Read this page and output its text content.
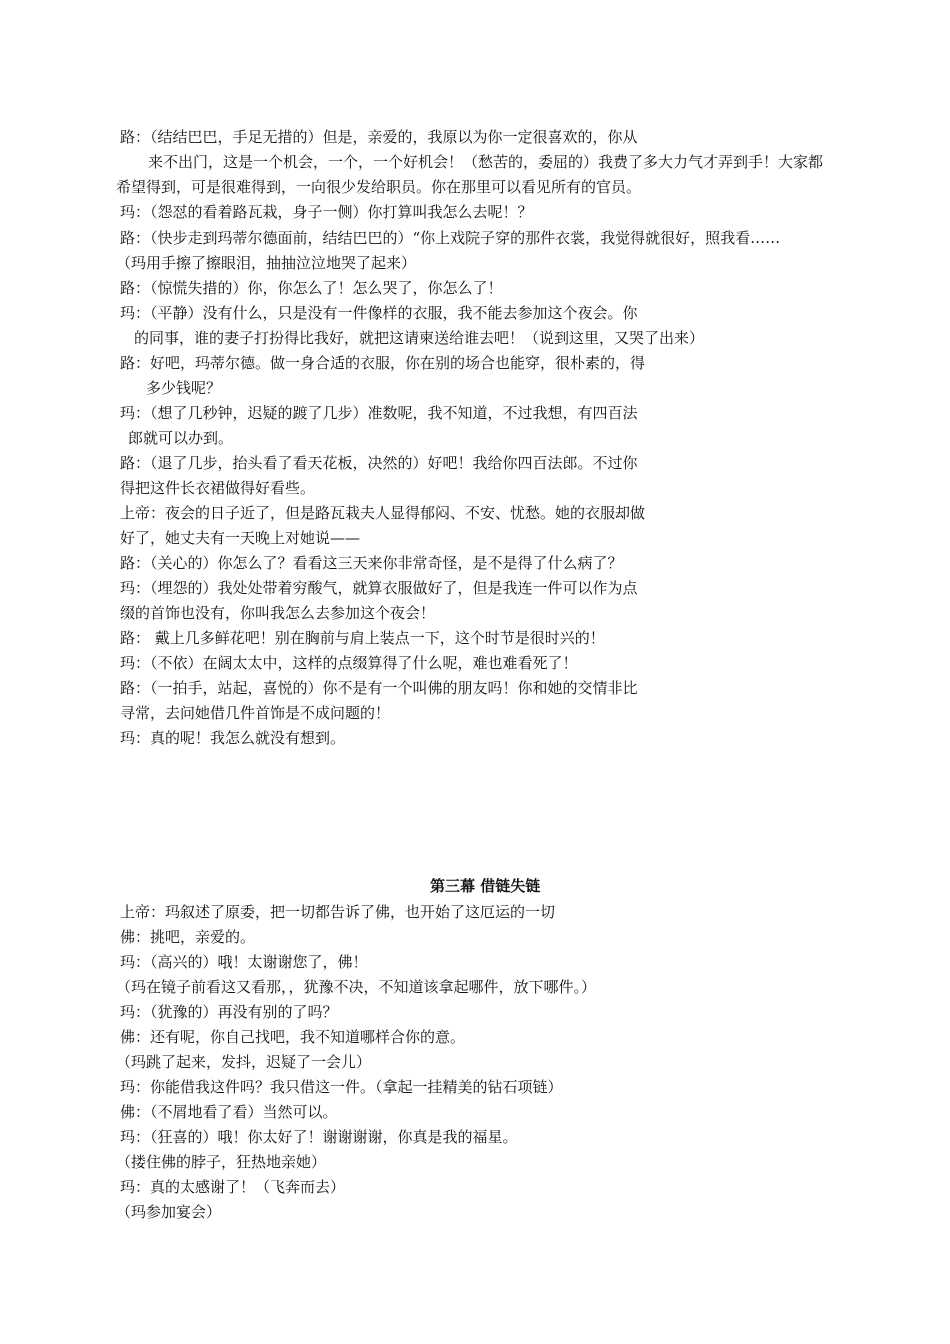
路：（结结巴巴，手足无措的）但是，亲爱的，我原以为你一定很喜欢的，你从
来不出门，这是一个机会，一个，一个好机会！（愁苦的，委屈的）我费了多大力气才弄到手！大家都
希望得到，可是很难得到，一向很少发给职员。你在那里可以看见所有的官员。
玛：（怨怼的看着路瓦栽，身子一侧）你打算叫我怎么去呢！？
路：（快步走到玛蒂尔德面前，结结巴巴的）“你上戏院子穿的那件衣裳，我觉得就很好，照我看……
（玛用手擦了擦眼泪，抽抽泣泣地哭了起来）
路：（惊慌失措的）你，你怎么了！怎么哭了，你怎么了！
玛：（平静）没有什么，只是没有一件像样的衣服，我不能去参加这个夜会。你
的同事，谁的妻子打扮得比我好，就把这请柬送给谁去吧！（说到这里，又哭了出来）
路：好吧，玛蒂尔德。做一身合适的衣服，你在别的场合也能穿，很朴素的，得
多少钱呢？
玛：（想了几秒钟，迟疑的踱了几步）准数呢，我不知道，不过我想，有四百法
郎就可以办到。
路：（退了几步，抬头看了看天花板，决然的）好吧！我给你四百法郎。不过你
得把这件长衣裙做得好看些。
上帝：夜会的日子近了，但是路瓦栽夫人显得郁闷、不安、忧愁。她的衣服却做
好了，她丈夫有一天晚上对她说——
路：（关心的）你怎么了？看看这三天来你非常奇怪，是不是得了什么病了？
玛：（埋怨的）我处处带着穷酸气，就算衣服做好了，但是我连一件可以作为点
缀的首饰也没有，你叫我怎么去参加这个夜会！
路： 戴上几多鲜花吧！别在胸前与肩上装点一下，这个时节是很时兴的！
玛：（不依）在阔太太中，这样的点缀算得了什么呢，难也难看死了！
路：（一拍手，站起，喜悦的）你不是有一个叫佛的朋友吗！你和她的交情非比
寻常，去问她借几件首饰是不成问题的！
玛：真的呢！我怎么就没有想到。
第三幕 借链失链
上帝：玛叙述了原委，把一切都告诉了佛，也开始了这厄运的一切
佛：挑吧，亲爱的。
玛：（高兴的）哦！太谢谢您了，佛！
（玛在镜子前看这又看那，，犹豫不决，不知道该拿起哪件，放下哪件。）
玛：（犹豫的）再没有别的了吗？
佛：还有呢，你自己找吧，我不知道哪样合你的意。
（玛跳了起来，发抖，迟疑了一会儿）
玛：你能借我这件吗？我只借这一件。（拿起一挂精美的钻石项链）
佛：（不屑地看了看）当然可以。
玛：（狂喜的）哦！你太好了！谢谢谢谢，你真是我的福星。
（搂住佛的脖子，狂热地亲她）
玛：真的太感谢了！（飞奔而去）
（玛参加宴会）
